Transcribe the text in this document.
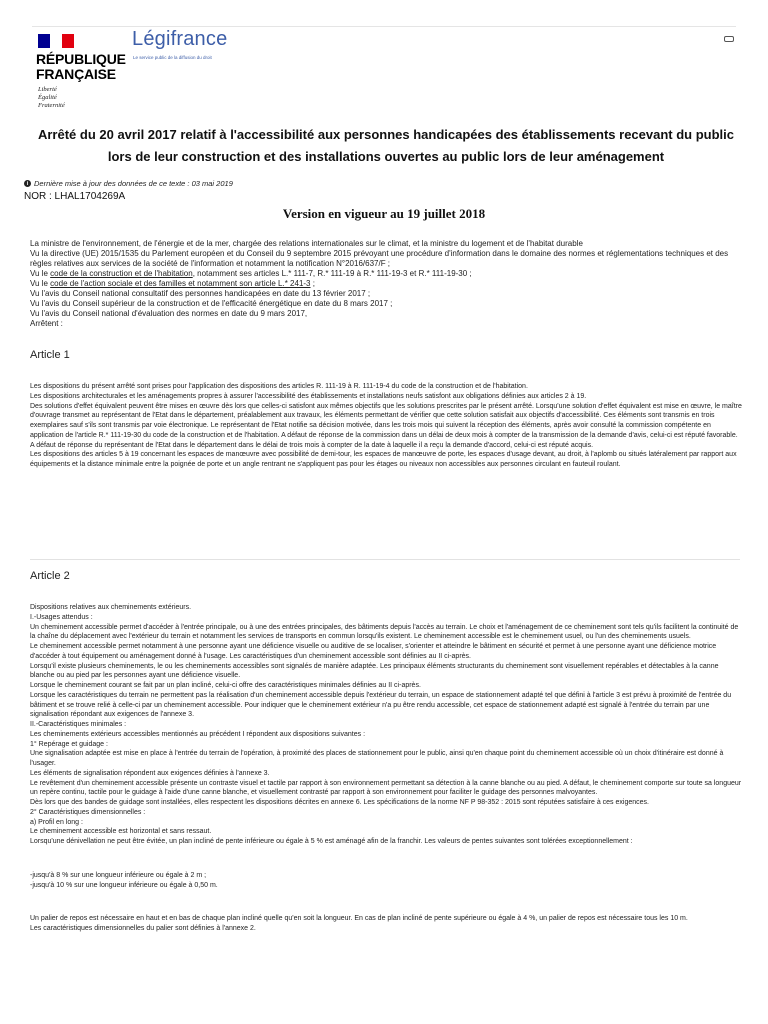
RÉPUBLIQUE
FRANÇAISE
Liberté
Égalité
Fraternité
Légifrance
Le service public de la diffusion du droit
Arrêté du 20 avril 2017 relatif à l'accessibilité aux personnes handicapées des établissements recevant du public lors de leur construction et des installations ouvertes au public lors de leur aménagement
i Dernière mise à jour des données de ce texte : 03 mai 2019
NOR : LHAL1704269A
Version en vigueur au 19 juillet 2018
La ministre de l'environnement, de l'énergie et de la mer, chargée des relations internationales sur le climat, et la ministre du logement et de l'habitat durable
Vu la directive (UE) 2015/1535 du Parlement européen et du Conseil du 9 septembre 2015 prévoyant une procédure d'information dans le domaine des normes et réglementations techniques et des règles relatives aux services de la société de l'information et notamment la notification N°2016/637/F ;
Vu le code de la construction et de l'habitation, notamment ses articles L.* 111-7, R.* 111-19 à R.* 111-19-3 et R.* 111-19-30 ;
Vu le code de l'action sociale et des familles et notamment son article L.* 241-3 ;
Vu l'avis du Conseil national consultatif des personnes handicapées en date du 13 février 2017 ;
Vu l'avis du Conseil supérieur de la construction et de l'efficacité énergétique en date du 8 mars 2017 ;
Vu l'avis du Conseil national d'évaluation des normes en date du 9 mars 2017,
Arrêtent :
Article 1
Les dispositions du présent arrêté sont prises pour l'application des dispositions des articles R. 111-19 à R. 111-19-4 du code de la construction et de l'habitation.
Les dispositions architecturales et les aménagements propres à assurer l'accessibilité des établissements et installations neufs satisfont aux obligations définies aux articles 2 à 19.
Des solutions d'effet équivalent peuvent être mises en œuvre dès lors que celles-ci satisfont aux mêmes objectifs que les solutions prescrites par le présent arrêté. Lorsqu'une solution d'effet équivalent est mise en œuvre, le maître d'ouvrage transmet au représentant de l'Etat dans le département, préalablement aux travaux, les éléments permettant de vérifier que cette solution satisfait aux objectifs d'accessibilité. Ces éléments sont transmis en trois exemplaires sauf s'ils sont transmis par voie électronique. Le représentant de l'Etat notifie sa décision motivée, dans les trois mois qui suivent la réception des éléments, après avoir consulté la commission compétente en application de l'article R.* 111-19-30 du code de la construction et de l'habitation. A défaut de réponse de la commission dans un délai de deux mois à compter de la transmission de la demande d'avis, celui-ci est réputé favorable. A défaut de réponse du représentant de l'Etat dans le département dans le délai de trois mois à compter de la date à laquelle il a reçu la demande d'accord, celui-ci est réputé acquis.
Les dispositions des articles 5 à 19 concernant les espaces de manœuvre avec possibilité de demi-tour, les espaces de manœuvre de porte, les espaces d'usage devant, au droit, à l'aplomb ou situés latéralement par rapport aux équipements et la distance minimale entre la poignée de porte et un angle rentrant ne s'appliquent pas pour les étages ou niveaux non accessibles aux personnes circulant en fauteuil roulant.
Article 2
Dispositions relatives aux cheminements extérieurs.
I.-Usages attendus :
Un cheminement accessible permet d'accéder à l'entrée principale, ou à une des entrées principales, des bâtiments depuis l'accès au terrain. Le choix et l'aménagement de ce cheminement sont tels qu'ils facilitent la continuité de la chaîne du déplacement avec l'extérieur du terrain et notamment les services de transports en commun lorsqu'ils existent. Le cheminement accessible est le cheminement usuel, ou l'un des cheminements usuels.
Le cheminement accessible permet notamment à une personne ayant une déficience visuelle ou auditive de se localiser, s'orienter et atteindre le bâtiment en sécurité et permet à une personne ayant une déficience motrice d'accéder à tout équipement ou aménagement donné à l'usage. Les caractéristiques d'un cheminement accessible sont définies au II ci-après.
Lorsqu'il existe plusieurs cheminements, le ou les cheminements accessibles sont signalés de manière adaptée. Les principaux éléments structurants du cheminement sont visuellement repérables et détectables à la canne blanche ou au pied par les personnes ayant une déficience visuelle.
Lorsque le cheminement courant se fait par un plan incliné, celui-ci offre des caractéristiques minimales définies au II ci-après.
Lorsque les caractéristiques du terrain ne permettent pas la réalisation d'un cheminement accessible depuis l'extérieur du terrain, un espace de stationnement adapté tel que défini à l'article 3 est prévu à proximité de l'entrée du bâtiment et se trouve relié à celle-ci par un cheminement accessible. Pour indiquer que le cheminement extérieur n'a pu être rendu accessible, cet espace de stationnement adapté est signalé à l'entrée du terrain par une signalisation répondant aux exigences de l'annexe 3.
II.-Caractéristiques minimales :
Les cheminements extérieurs accessibles mentionnés au précédent I répondent aux dispositions suivantes :
1° Repérage et guidage :
Une signalisation adaptée est mise en place à l'entrée du terrain de l'opération, à proximité des places de stationnement pour le public, ainsi qu'en chaque point du cheminement accessible où un choix d'itinéraire est donné à l'usager.
Les éléments de signalisation répondent aux exigences définies à l'annexe 3.
Le revêtement d'un cheminement accessible présente un contraste visuel et tactile par rapport à son environnement permettant sa détection à la canne blanche ou au pied. A défaut, le cheminement comporte sur toute sa longueur un repère continu, tactile pour le guidage à l'aide d'une canne blanche, et visuellement contrasté par rapport à son environnement pour faciliter le guidage des personnes malvoyantes.
Dès lors que des bandes de guidage sont installées, elles respectent les dispositions décrites en annexe 6. Les spécifications de la norme NF P 98-352 : 2015 sont réputées satisfaire à ces exigences.
2° Caractéristiques dimensionnelles :
a) Profil en long :
Le cheminement accessible est horizontal et sans ressaut.
Lorsqu'une dénivellation ne peut être évitée, un plan incliné de pente inférieure ou égale à 5 % est aménagé afin de la franchir. Les valeurs de pentes suivantes sont tolérées exceptionnellement :
-jusqu'à 8 % sur une longueur inférieure ou égale à 2 m ;
-jusqu'à 10 % sur une longueur inférieure ou égale à 0,50 m.
Un palier de repos est nécessaire en haut et en bas de chaque plan incliné quelle qu'en soit la longueur. En cas de plan incliné de pente supérieure ou égale à 4 %, un palier de repos est nécessaire tous les 10 m.
Les caractéristiques dimensionnelles du palier sont définies à l'annexe 2.
